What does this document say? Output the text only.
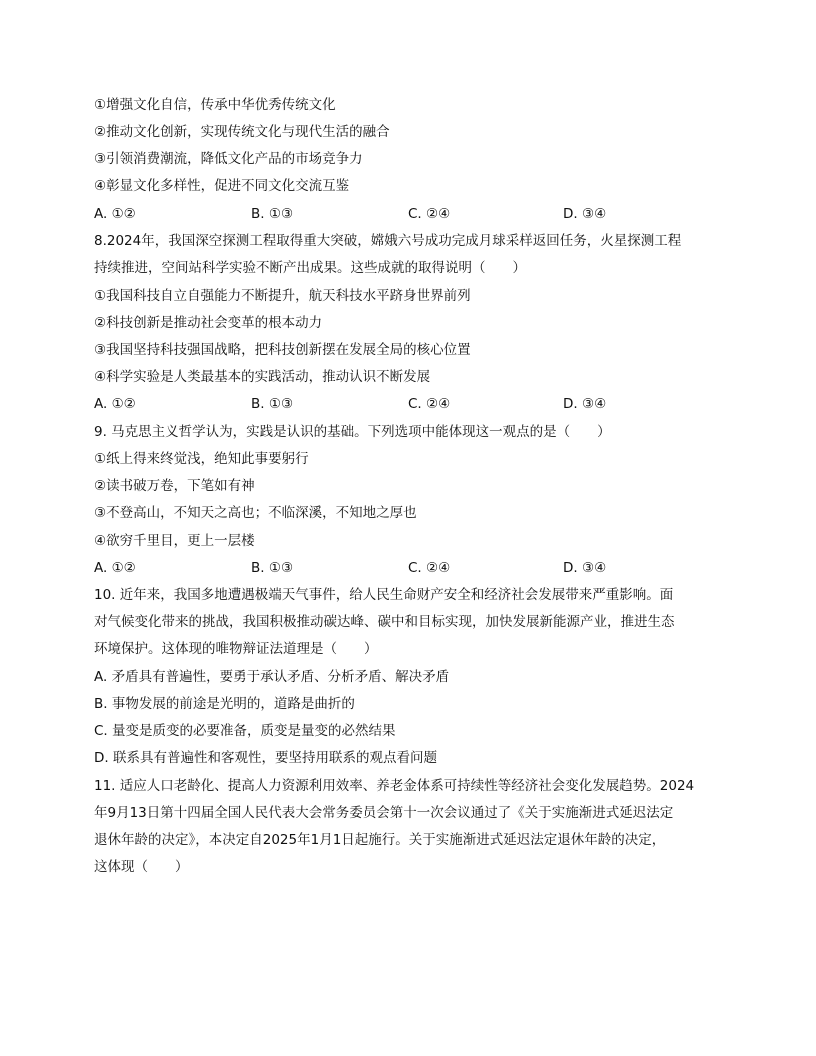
①增强文化自信，传承中华优秀传统文化
②推动文化创新，实现传统文化与现代生活的融合
③引领消费潮流，降低文化产品的市场竞争力
④彰显文化多样性，促进不同文化交流互鉴
A. ①②	B. ①③	C. ②④	D. ③④
8.2024年，我国深空探测工程取得重大突破，嫦娥六号成功完成月球采样返回任务，火星探测工程
持续推进，空间站科学实验不断产出成果。这些成就的取得说明（　　）
①我国科技自立自强能力不断提升，航天科技水平跻身世界前列
②科技创新是推动社会变革的根本动力
③我国坚持科技强国战略，把科技创新摆在发展全局的核心位置
④科学实验是人类最基本的实践活动，推动认识不断发展
A. ①②	B. ①③	C. ②④	D. ③④
9. 马克思主义哲学认为，实践是认识的基础。下列选项中能体现这一观点的是（　　）
①纸上得来终觉浅，绝知此事要躬行
②读书破万卷，下笔如有神
③不登高山，不知天之高也；不临深溪，不知地之厚也
④欲穷千里目，更上一层楼
A. ①②	B. ①③	C. ②④	D. ③④
10. 近年来，我国多地遭遇极端天气事件，给人民生命财产安全和经济社会发展带来严重影响。面
对气候变化带来的挑战，我国积极推动碳达峰、碳中和目标实现，加快发展新能源产业，推进生态
环境保护。这体现的唯物辩证法道理是（　　）
A. 矛盾具有普遍性，要勇于承认矛盾、分析矛盾、解决矛盾
B. 事物发展的前途是光明的，道路是曲折的
C. 量变是质变的必要准备，质变是量变的必然结果
D. 联系具有普遍性和客观性，要坚持用联系的观点看问题
11. 适应人口老龄化、提高人力资源利用效率、养老金体系可持续性等经济社会变化发展趋势。2024
年9月13日第十四届全国人民代表大会常务委员会第十一次会议通过了《关于实施渐进式延迟法定
退休年龄的决定》，本决定自2025年1月1日起施行。关于实施渐进式延迟法定退休年龄的决定，
这体现（　　）
